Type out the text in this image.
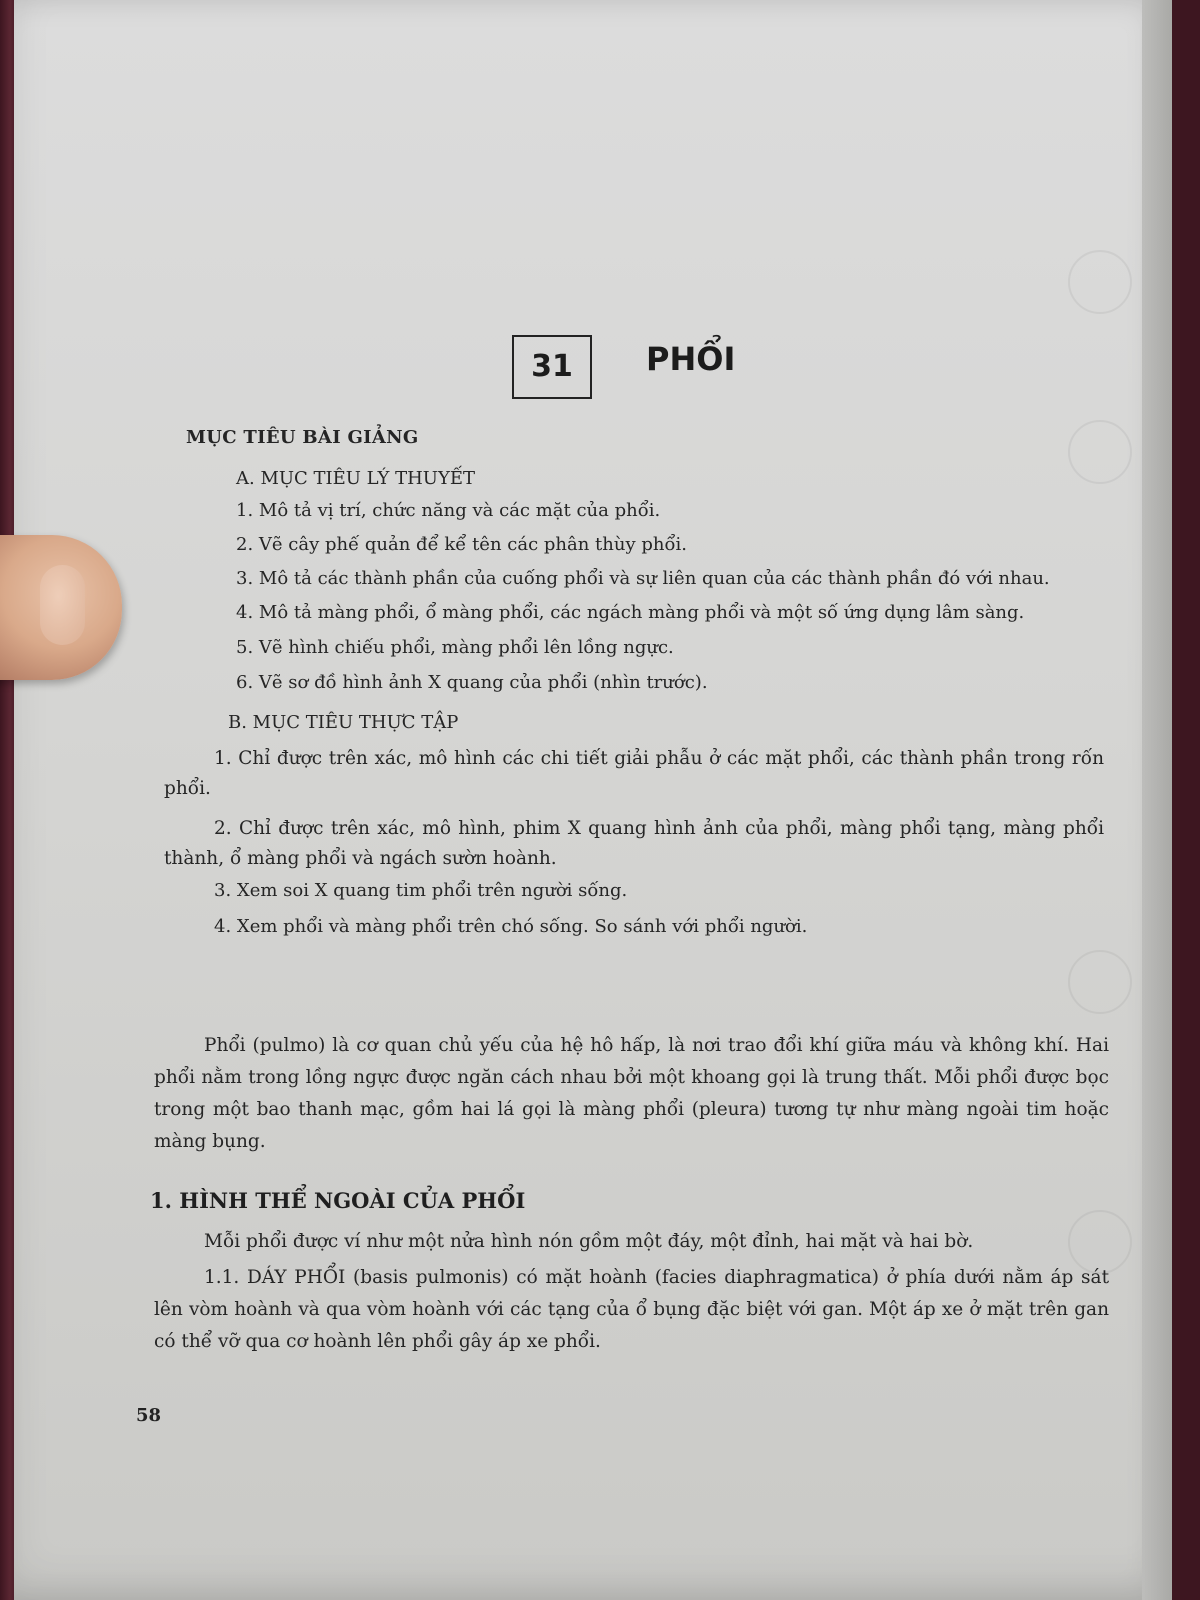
31	PHỔI
MỤC TIÊU BÀI GIẢNG
A. MỤC TIÊU LÝ THUYẾT
1. Mô tả vị trí, chức năng và các mặt của phổi.
2. Vẽ cây phế quản để kể tên các phân thùy phổi.
3. Mô tả các thành phần của cuống phổi và sự liên quan của các thành phần đó với nhau.
4. Mô tả màng phổi, ổ màng phổi, các ngách màng phổi và một số ứng dụng lâm sàng.
5. Vẽ hình chiếu phổi, màng phổi lên lồng ngực.
6. Vẽ sơ đồ hình ảnh X quang của phổi (nhìn trước).
B. MỤC TIÊU THỰC TẬP
1. Chỉ được trên xác, mô hình các chi tiết giải phẫu ở các mặt phổi, các thành phần trong rốn phổi.
2. Chỉ được trên xác, mô hình, phim X quang hình ảnh của phổi, màng phổi tạng, màng phổi thành, ổ màng phổi và ngách sườn hoành.
3. Xem soi X quang tim phổi trên người sống.
4. Xem phổi và màng phổi trên chó sống. So sánh với phổi người.
Phổi (pulmo) là cơ quan chủ yếu của hệ hô hấp, là nơi trao đổi khí giữa máu và không khí. Hai phổi nằm trong lồng ngực được ngăn cách nhau bởi một khoang gọi là trung thất. Mỗi phổi được bọc trong một bao thanh mạc, gồm hai lá gọi là màng phổi (pleura) tương tự như màng ngoài tim hoặc màng bụng.
1. HÌNH THỂ NGOÀI CỦA PHỔI
Mỗi phổi được ví như một nửa hình nón gồm một đáy, một đỉnh, hai mặt và hai bờ.
1.1. DÁY PHỔI (basis pulmonis) có mặt hoành (facies diaphragmatica) ở phía dưới nằm áp sát lên vòm hoành và qua vòm hoành với các tạng của ổ bụng đặc biệt với gan. Một áp xe ở mặt trên gan có thể vỡ qua cơ hoành lên phổi gây áp xe phổi.
58
